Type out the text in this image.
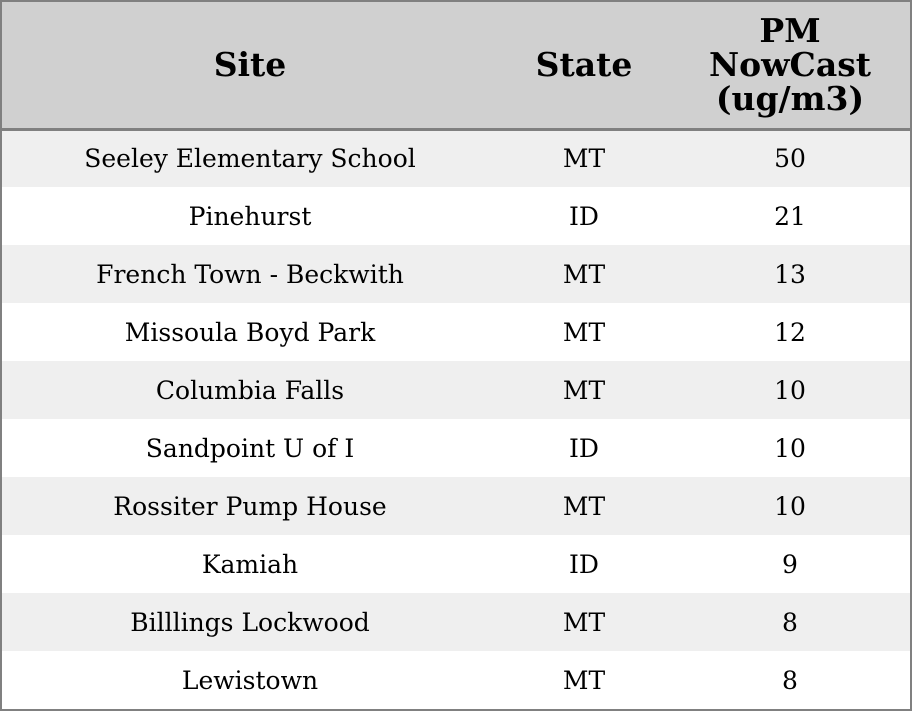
Site	State	PM
NowCast
(ug/m3)

Seeley Elementary School	MT	50
Pinehurst	ID	21
French Town - Beckwith	MT	13
Missoula Boyd Park	MT	12
Columbia Falls	MT	10
Sandpoint U of I	ID	10
Rossiter Pump House	MT	10
Kamiah	ID	9
Billlings Lockwood	MT	8
Lewistown	MT	8
